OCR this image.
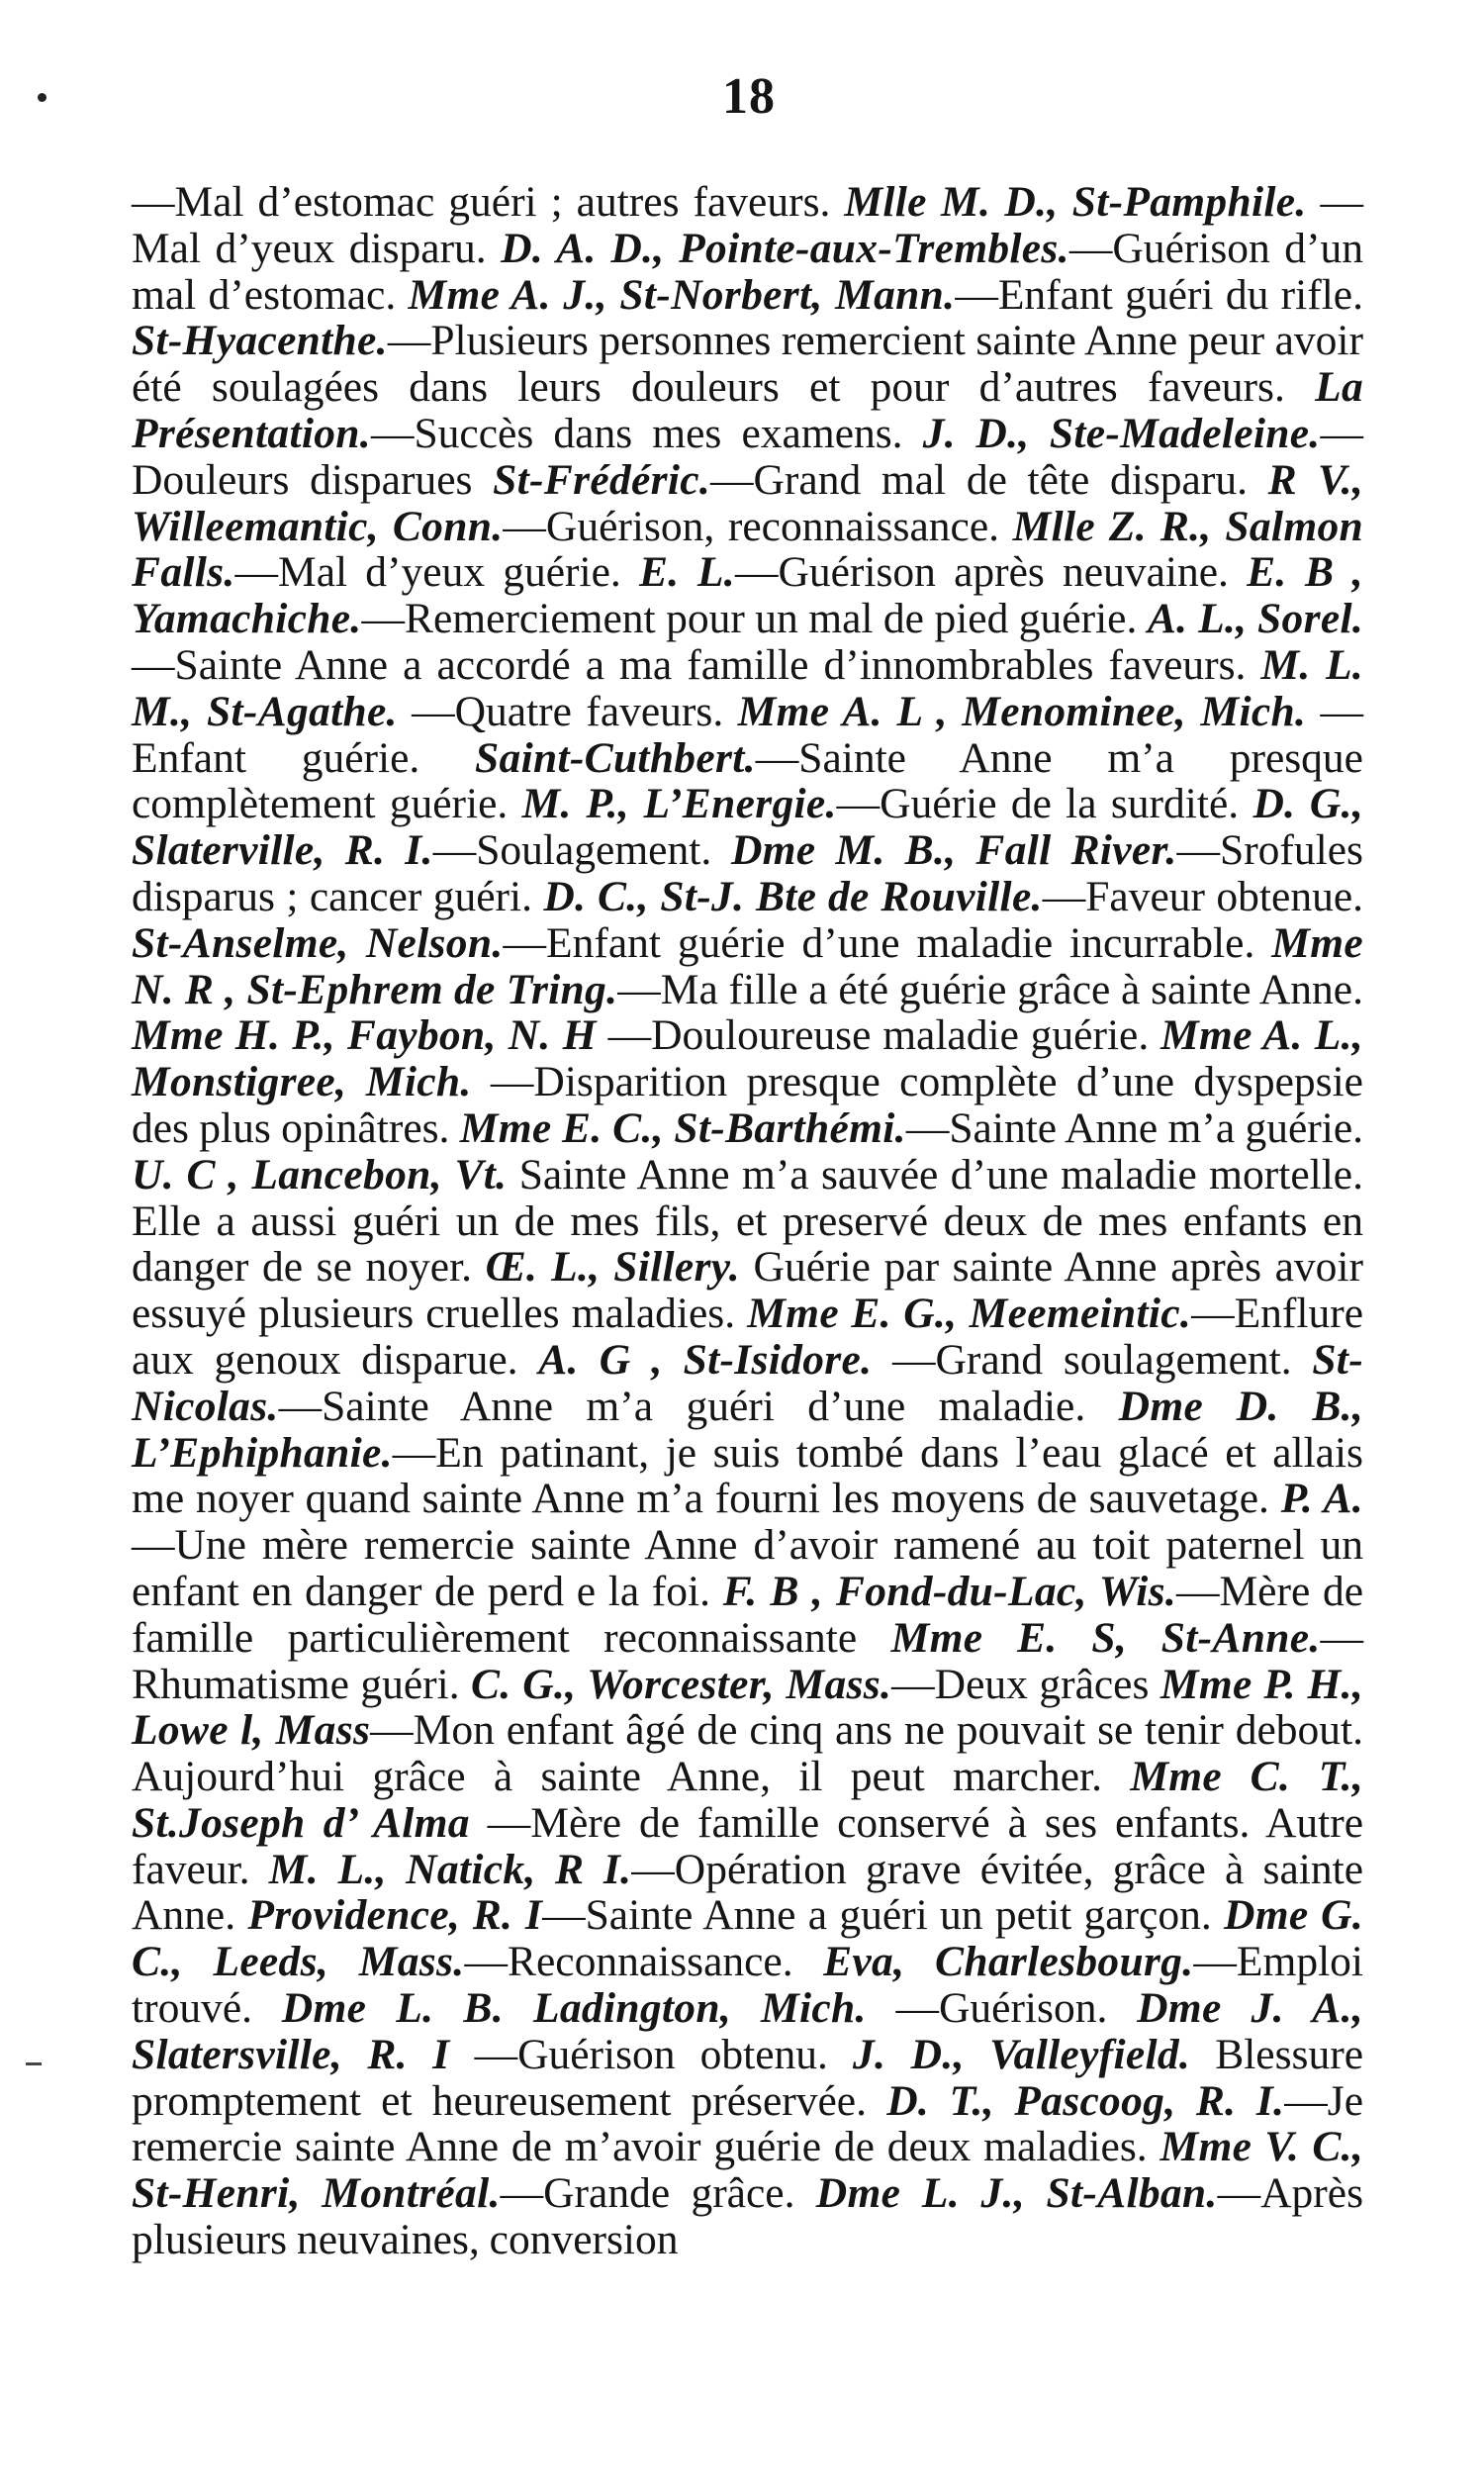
18
—Mal d’estomac guéri ; autres faveurs. Mlle M. D., St-Pamphile. —Mal d’yeux disparu. D. A. D., Pointe-aux-Trembles.—Guérison d’un mal d’estomac. Mme A. J., St-Norbert, Mann.—Enfant guéri du rifle. St-Hyacenthe.—Plusieurs personnes remercient sainte Anne peur avoir été soulagées dans leurs douleurs et pour d’autres faveurs. La Présentation.—Succès dans mes examens. J. D., Ste-Madeleine.—Douleurs disparues St-Frédéric.—Grand mal de tête disparu. R V., Willeemantic, Conn.—Guérison, reconnaissance. Mlle Z. R., Salmon Falls.—Mal d’yeux guérie. E. L.—Guérison après neuvaine. E. B , Yamachiche.—Remerciement pour un mal de pied guérie. A. L., Sorel.—Sainte Anne a accordé a ma famille d’innombrables faveurs. M. L. M., St-Agathe. —Quatre faveurs. Mme A. L , Menominee, Mich. — Enfant guérie. Saint-Cuthbert.—Sainte Anne m’a presque complètement guérie. M. P., L’Energie.—Guérie de la surdité. D. G., Slaterville, R. I.—Soulagement. Dme M. B., Fall River.—Srofules disparus ; cancer guéri. D. C., St-J. Bte de Rouville.—Faveur obtenue. St-Anselme, Nelson.—Enfant guérie d’une maladie incurrable. Mme N. R , St-Ephrem de Tring.—Ma fille a été guérie grâce à sainte Anne. Mme H. P., Faybon, N. H —Douloureuse maladie guérie. Mme A. L., Monstigree, Mich. —Disparition presque complète d’une dyspepsie des plus opinâtres. Mme E. C., St-Barthémi.—Sainte Anne m’a guérie. U. C , Lancebon, Vt. Sainte Anne m’a sauvée d’une maladie mortelle. Elle a aussi guéri un de mes fils, et preservé deux de mes enfants en danger de se noyer. Œ. L., Sillery. Guérie par sainte Anne après avoir essuyé plusieurs cruelles maladies. Mme E. G., Meemeintic.—Enflure aux genoux disparue. A. G , St-Isidore. —Grand soulagement. St-Nicolas.—Sainte Anne m’a guéri d’une maladie. Dme D. B., L’Ephiphanie.—En patinant, je suis tombé dans l’eau glacé et allais me noyer quand sainte Anne m’a fourni les moyens de sauvetage. P. A.—Une mère remercie sainte Anne d’avoir ramené au toit paternel un enfant en danger de perd e la foi. F. B , Fond-du-Lac, Wis.—Mère de famille particulièrement reconnaissante Mme E. S, St-Anne.—Rhumatisme guéri. C. G., Worcester, Mass.—Deux grâces Mme P. H., Lowe l, Mass—Mon enfant âgé de cinq ans ne pouvait se tenir debout. Aujourd’hui grâce à sainte Anne, il peut marcher. Mme C. T., St.Joseph d’ Alma —Mère de famille conservé à ses enfants. Autre faveur. M. L., Natick, R I.—Opération grave évitée, grâce à sainte Anne. Providence, R. I—Sainte Anne a guéri un petit garçon. Dme G. C., Leeds, Mass.—Reconnaissance. Eva, Charlesbourg.—Emploi trouvé. Dme L. B. Ladington, Mich. —Guérison. Dme J. A., Slatersville, R. I —Guérison obtenu. J. D., Valleyfield. Blessure promptement et heureusement préservée. D. T., Pascoog, R. I.—Je remercie sainte Anne de m’avoir guérie de deux maladies. Mme V. C., St-Henri, Montréal.—Grande grâce. Dme L. J., St-Alban.—Après plusieurs neuvaines, conversion
